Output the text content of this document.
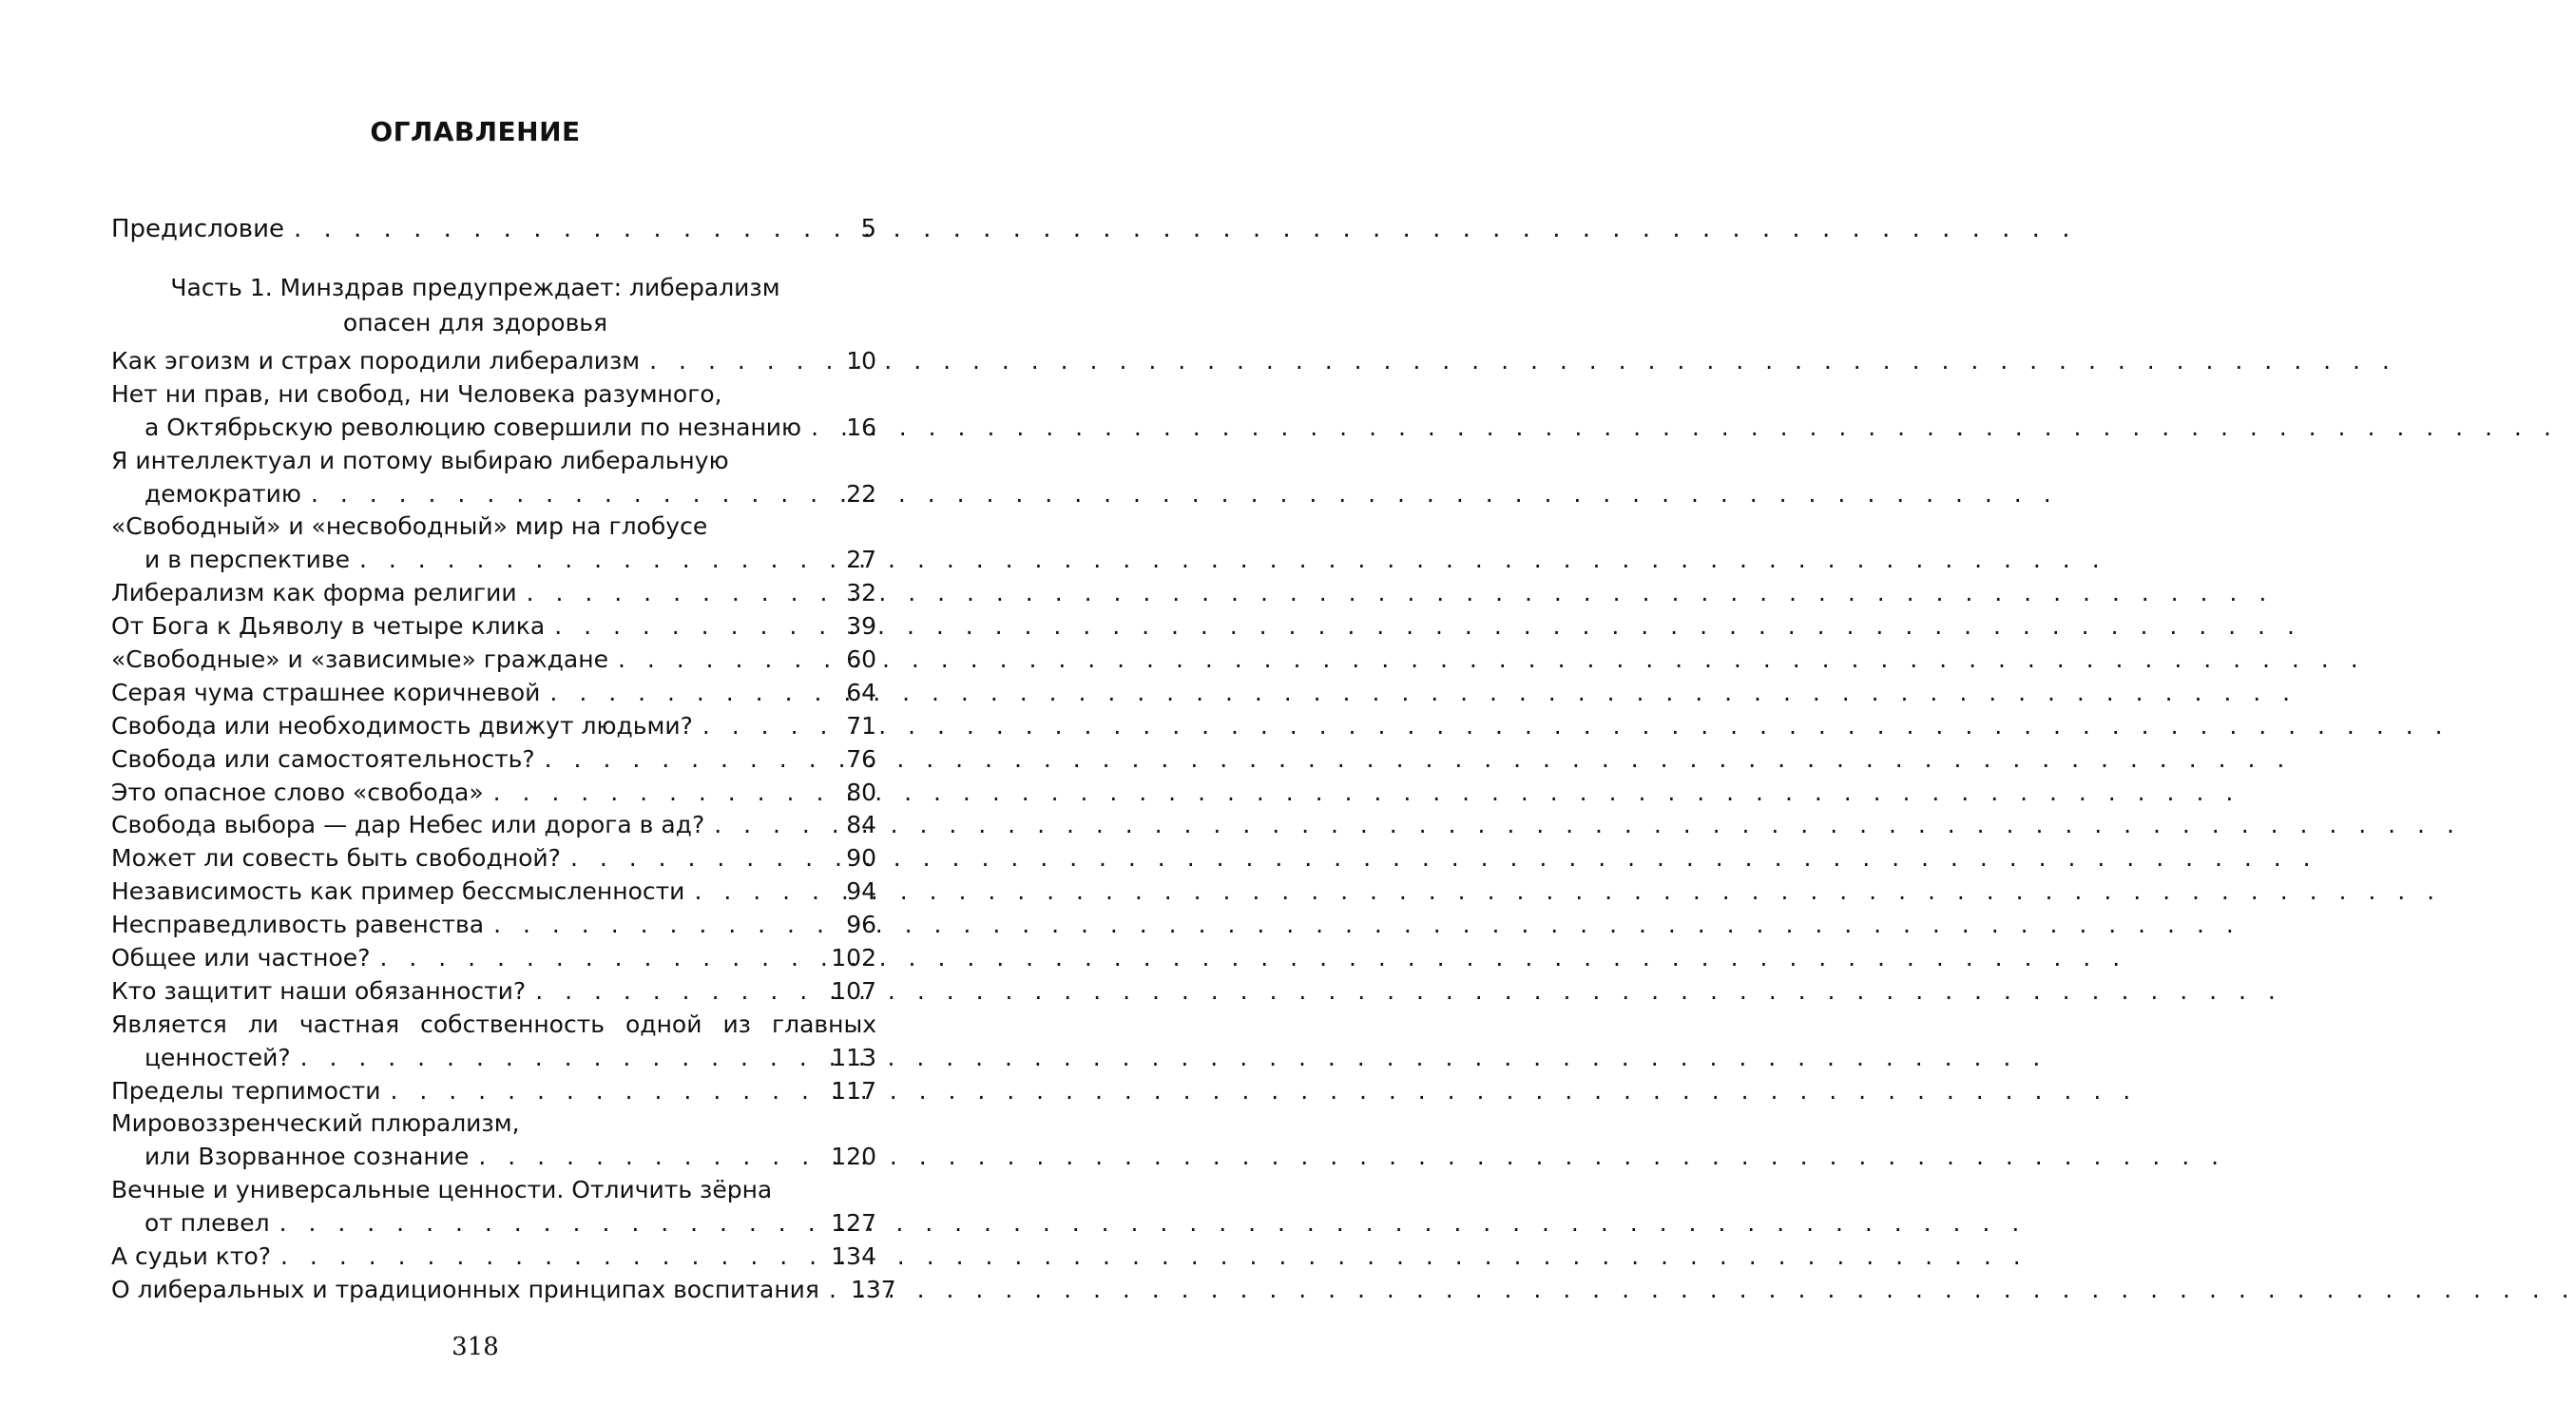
ОГЛАВЛЕНИЕ
Предисловие . . .	5
Часть 1. Минздрав предупреждает: либерализм
опасен для здоровья
Как эгоизм и страх породили либерализм . . .	10
Нет ни прав, ни свобод, ни Человека разумного,
а Октябрьскую революцию совершили по незнанию . . . 16
Я интеллектуал и потому выбираю либеральную
демократию . . .	22
«Свободный» и «несвободный» мир на глобусе
и в перспективе . . .	27
Либерализм как форма религии . . .	32
От Бога к Дьяволу в четыре клика . . .	39
«Свободные» и «зависимые» граждане . . .	60
Серая чума страшнее коричневой . . .	64
Свобода или необходимость движут людьми? . . .	71
Свобода или самостоятельность? . . .	76
Это опасное слово «свобода» . . .	80
Свобода выбора — дар Небес или дорога в ад? . . .	84
Может ли совесть быть свободной? . . .	90
Независимость как пример бессмысленности . . .	94
Несправедливость равенства . . .	96
Общее или частное? . . .	102
Кто защитит наши обязанности? . . .	107
Является ли частная собственность одной из главных
ценностей? . . .	113
Пределы терпимости . . .	117
Мировоззренческий плюрализм,
или Взорванное сознание . . .	120
Вечные и универсальные ценности. Отличить зёрна
от плевел . . .	127
А судьи кто? . . .	134
О либеральных и традиционных принципах воспитания . . . 137
318
